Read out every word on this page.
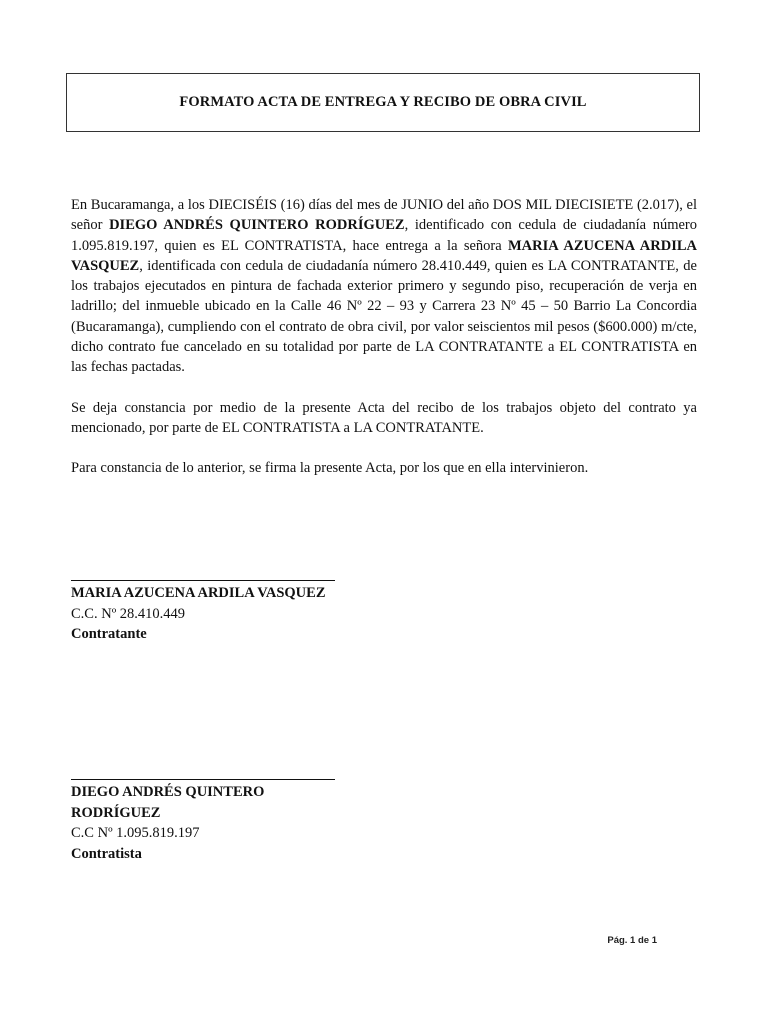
FORMATO ACTA DE ENTREGA Y RECIBO DE OBRA CIVIL

En Bucaramanga, a los DIECISÉIS (16) días del mes de JUNIO del año DOS MIL DIECISIETE (2.017), el señor DIEGO ANDRÉS QUINTERO RODRÍGUEZ, identificado con cedula de ciudadanía número 1.095.819.197, quien es EL CONTRATISTA, hace entrega a la señora MARIA AZUCENA ARDILA VASQUEZ, identificada con cedula de ciudadanía número 28.410.449, quien es LA CONTRATANTE, de los trabajos ejecutados en pintura de fachada exterior primero y segundo piso, recuperación de verja en ladrillo; del inmueble ubicado en la Calle 46 Nº 22 – 93 y Carrera 23 Nº 45 – 50 Barrio La Concordia (Bucaramanga), cumpliendo con el contrato de obra civil, por valor seiscientos mil pesos ($600.000) m/cte, dicho contrato fue cancelado en su totalidad por parte de LA CONTRATANTE a EL CONTRATISTA en las fechas pactadas.

Se deja constancia por medio de la presente Acta del recibo de los trabajos objeto del contrato ya mencionado, por parte de EL CONTRATISTA a LA CONTRATANTE.

Para constancia de lo anterior, se firma la presente Acta, por los que en ella intervinieron.

MARIA AZUCENA ARDILA VASQUEZ
C.C. Nº 28.410.449
Contratante
DIEGO ANDRÉS QUINTERO RODRÍGUEZ
C.C Nº 1.095.819.197
Contratista
Pág. 1 de 1
